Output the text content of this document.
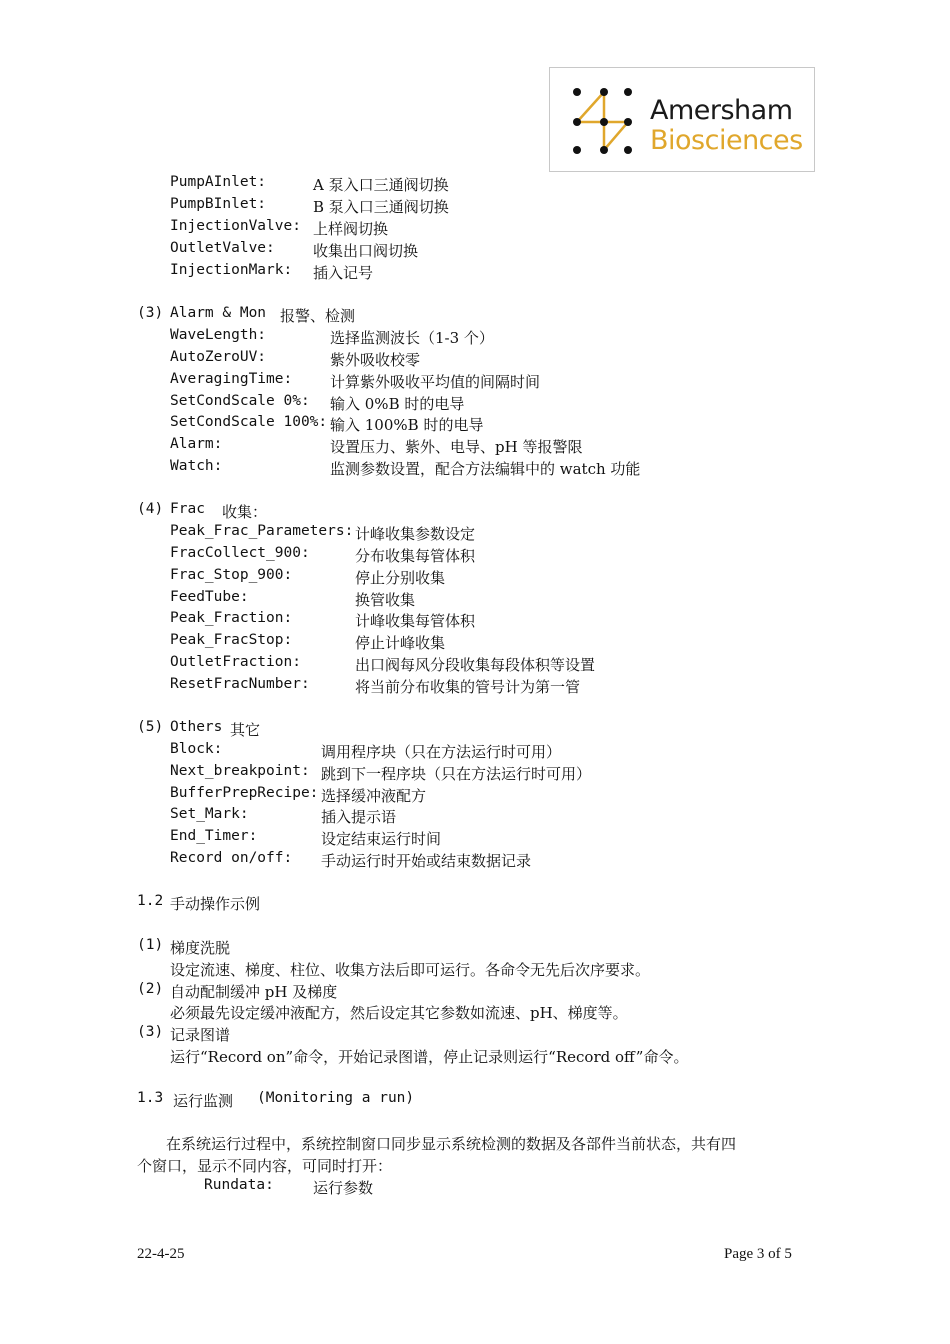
Amersham
Biosciences
PumpAInlet:	A 泵入口三通阀切换
PumpBInlet:	B 泵入口三通阀切换
InjectionValve: 上样阀切换
OutletValve:	收集出口阀切换
InjectionMark: 插入记号
(3) Alarm & Mon 报警、检测
WaveLength:	选择监测波长（1-3 个）
AutoZeroUV:	紫外吸收校零
AveragingTime:	计算紫外吸收平均值的间隔时间
SetCondScale 0%: 输入 0%B 时的电导
SetCondScale 100%: 输入 100%B 时的电导
Alarm:	设置压力、紫外、电导、pH 等报警限
Watch:	监测参数设置，配合方法编辑中的 watch 功能
(4) Frac 收集：
Peak_Frac_Parameters: 计峰收集参数设定
FracCollect_900:	分布收集每管体积
Frac_Stop_900:	停止分别收集
FeedTube:	换管收集
Peak_Fraction:	计峰收集每管体积
Peak_FracStop:	停止计峰收集
OutletFraction:	出口阀每风分段收集每段体积等设置
ResetFracNumber:	将当前分布收集的管号计为第一管
(5) Others 其它
Block:	调用程序块（只在方法运行时可用）
Next_breakpoint: 跳到下一程序块（只在方法运行时可用）
BufferPrepRecipe: 选择缓冲液配方
Set_Mark:	插入提示语
End_Timer:	设定结束运行时间
Record on/off: 手动运行时开始或结束数据记录
1.2 手动操作示例
(1) 梯度洗脱
设定流速、梯度、柱位、收集方法后即可运行。各命令无先后次序要求。
(2) 自动配制缓冲 pH 及梯度
必须最先设定缓冲液配方，然后设定其它参数如流速、pH、梯度等。
(3) 记录图谱
运行“Record on”命令，开始记录图谱，停止记录则运行“Record off”命令。
1.3 运行监测 (Monitoring a run)
在系统运行过程中，系统控制窗口同步显示系统检测的数据及各部件当前状态，共有四
个窗口，显示不同内容，可同时打开：
Rundata:	运行参数
22-4-25	Page 3 of 5
